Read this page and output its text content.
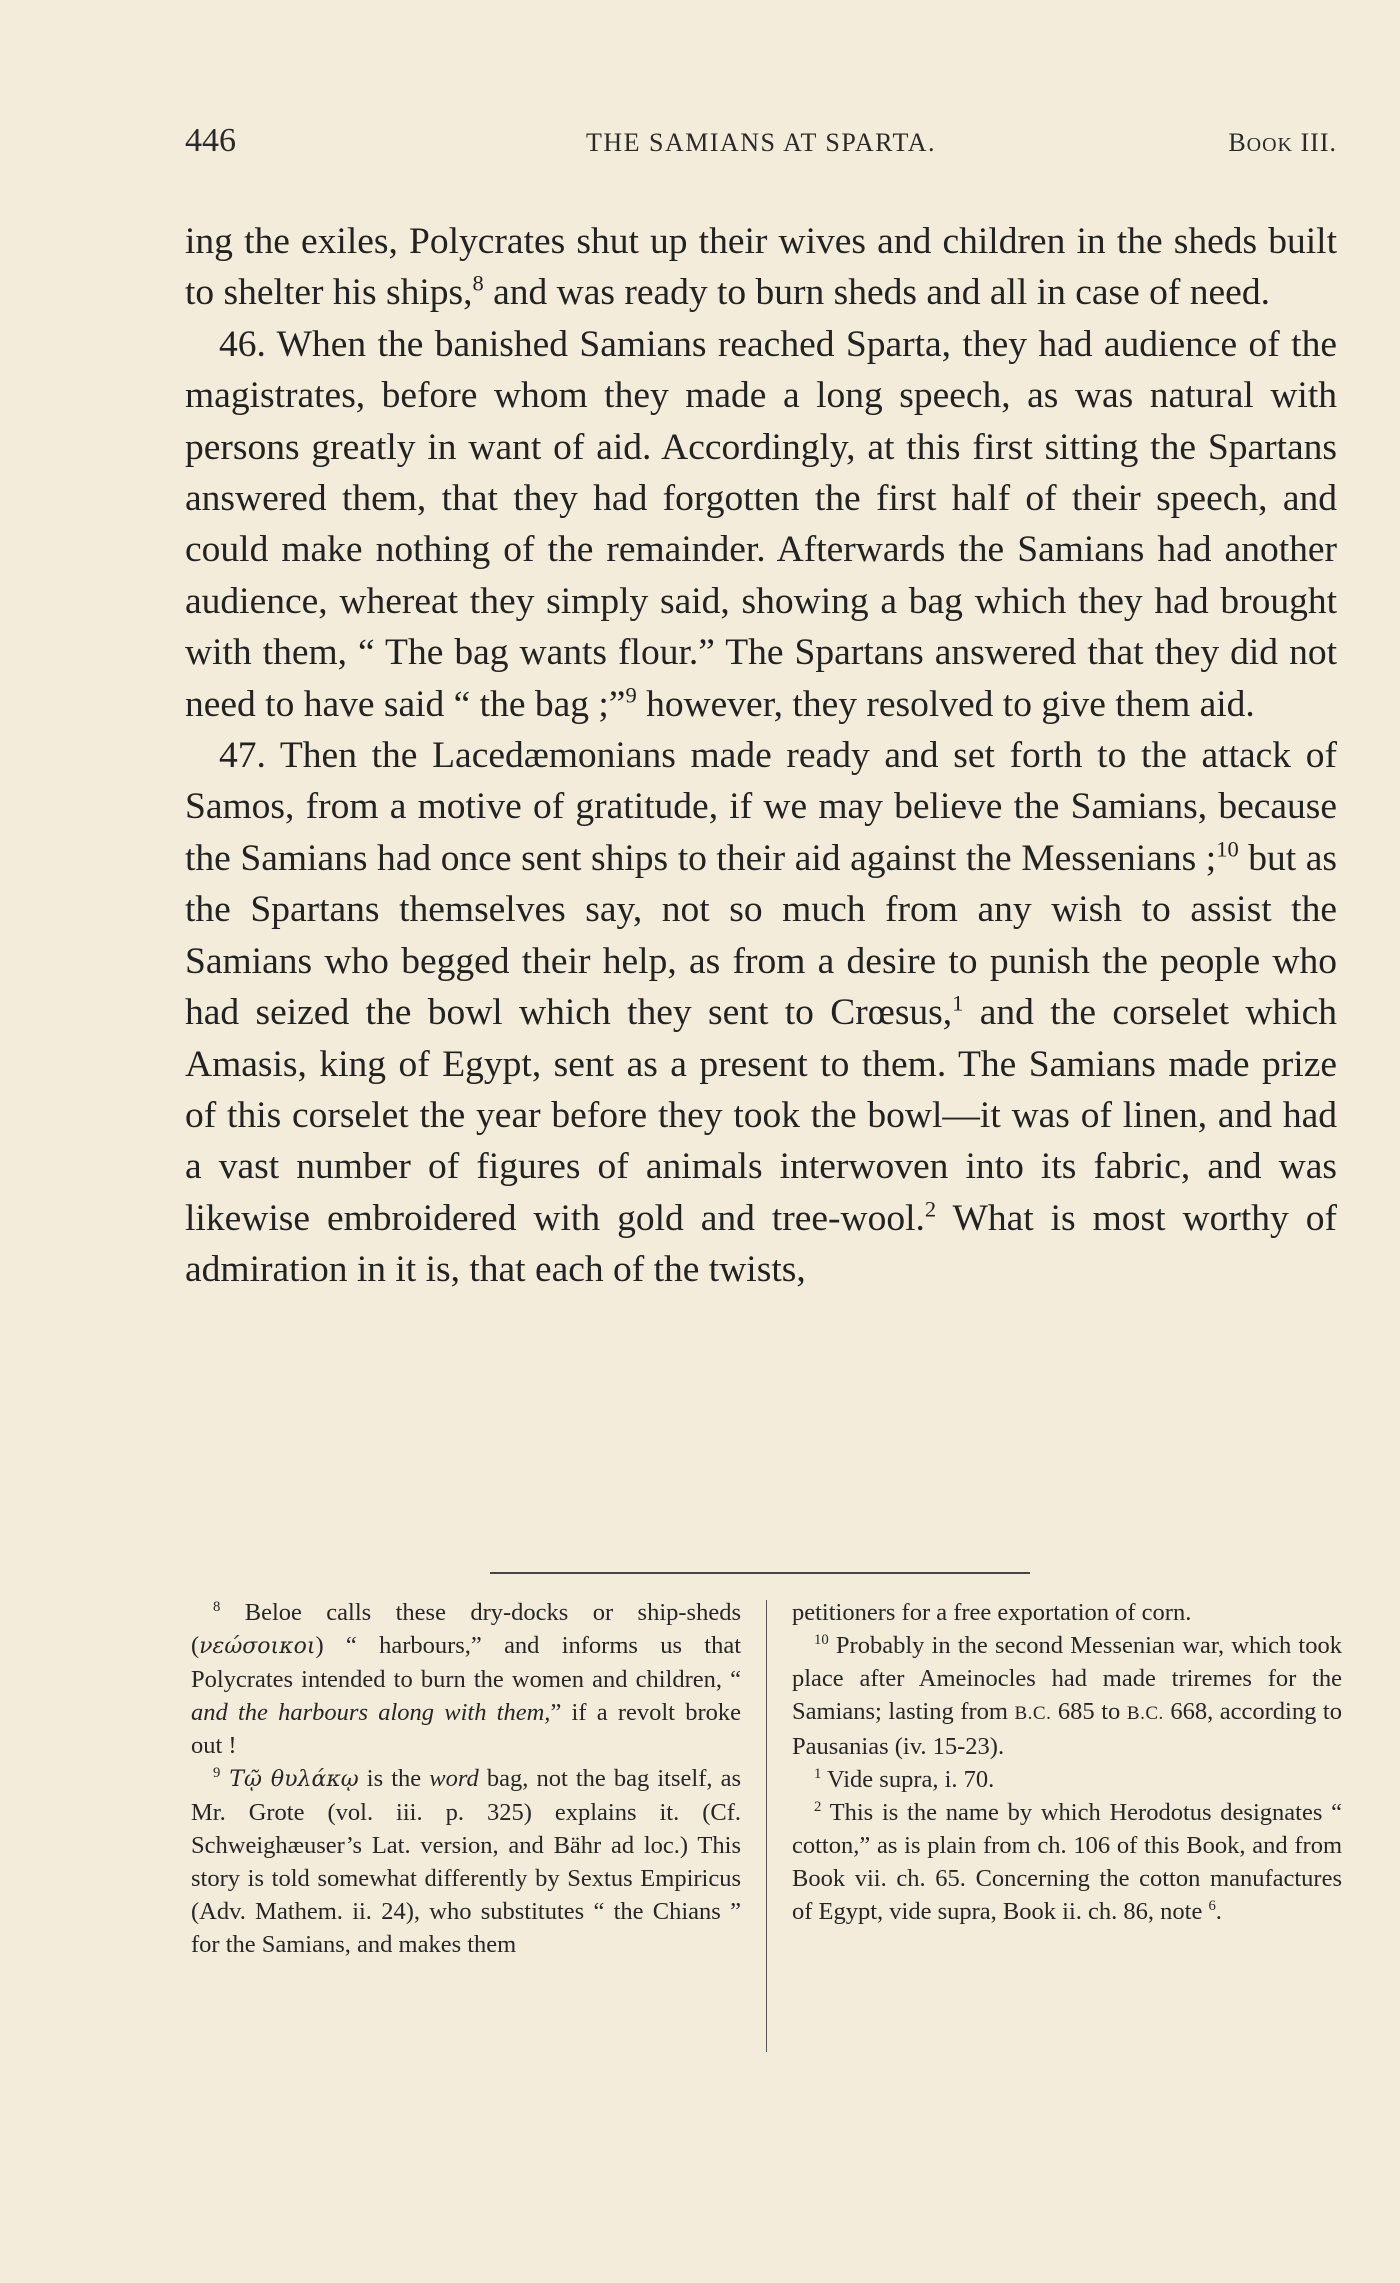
446	THE SAMIANS AT SPARTA.	BOOK III.

ing the exiles, Polycrates shut up their wives and children in the sheds built to shelter his ships,$^8$ and was ready to burn sheds and all in case of need.

46. When the banished Samians reached Sparta, they had audience of the magistrates, before whom they made a long speech, as was natural with persons greatly in want of aid. Accordingly, at this first sitting the Spartans answered them, that they had forgotten the first half of their speech, and could make nothing of the remainder. Afterwards the Samians had another audience, whereat they simply said, showing a bag which they had brought with them, “ The bag wants flour.” The Spartans answered that they did not need to have said “ the bag ;”$^9$ however, they resolved to give them aid.

47. Then the Lacedæmonians made ready and set forth to the attack of Samos, from a motive of gratitude, if we may believe the Samians, because the Samians had once sent ships to their aid against the Messenians ;$^{10}$ but as the Spartans themselves say, not so much from any wish to assist the Samians who begged their help, as from a desire to punish the people who had seized the bowl which they sent to Crœsus,$^1$ and the corselet which Amasis, king of Egypt, sent as a present to them. The Samians made prize of this corselet the year before they took the bowl—it was of linen, and had a vast number of figures of animals interwoven into its fabric, and was likewise embroidered with gold and tree-wool.$^2$ What is most worthy of admiration in it is, that each of the twists,

$^8$ Beloe calls these dry-docks or ship-sheds (νεώσοικοι) “ harbours,” and informs us that Polycrates intended to burn the women and children, “ and the harbours along with them,” if a revolt broke out !

$^9$ Τῷ θυλάκῳ is the word bag, not the bag itself, as Mr. Grote (vol. iii. p. 325) explains it. (Cf. Schweighæuser’s Lat. version, and Bähr ad loc.) This story is told somewhat differently by Sextus Empiricus (Adv. Mathem. ii. 24), who substitutes “ the Chians ” for the Samians, and makes them

petitioners for a free exportation of corn.

$^{10}$ Probably in the second Messenian war, which took place after Ameinocles had made triremes for the Samians; lasting from B.C. 685 to B.C. 668, according to Pausanias (iv. 15-23).

$^1$ Vide supra, i. 70.

$^2$ This is the name by which Herodotus designates “ cotton,” as is plain from ch. 106 of this Book, and from Book vii. ch. 65. Concerning the cotton manufactures of Egypt, vide supra, Book ii. ch. 86, note $^6$.
